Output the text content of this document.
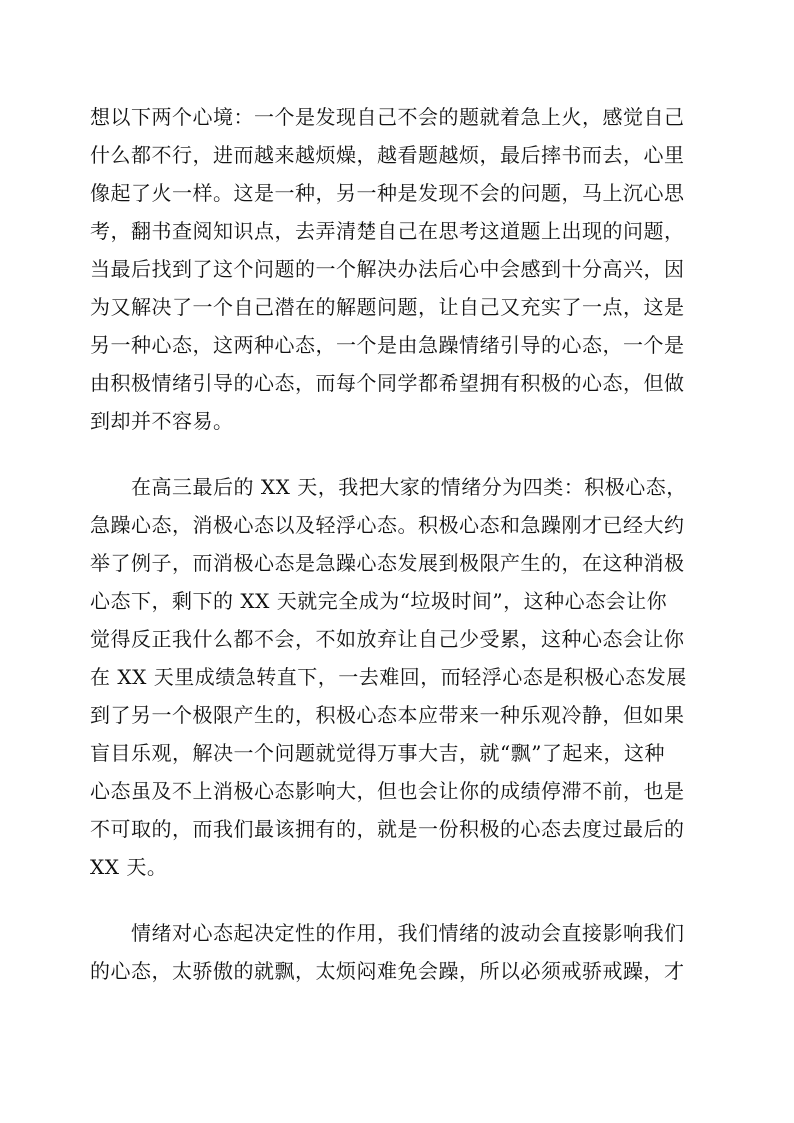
想以下两个心境：一个是发现自己不会的题就着急上火，感觉自己
什么都不行，进而越来越烦燥，越看题越烦，最后摔书而去，心里
像起了火一样。这是一种，另一种是发现不会的问题，马上沉心思
考，翻书查阅知识点，去弄清楚自己在思考这道题上出现的问题，
当最后找到了这个问题的一个解决办法后心中会感到十分高兴，因
为又解决了一个自己潜在的解题问题，让自己又充实了一点，这是
另一种心态，这两种心态，一个是由急躁情绪引导的心态，一个是
由积极情绪引导的心态，而每个同学都希望拥有积极的心态，但做
到却并不容易。
在高三最后的 XX 天，我把大家的情绪分为四类：积极心态，
急躁心态，消极心态以及轻浮心态。积极心态和急躁刚才已经大约
举了例子，而消极心态是急躁心态发展到极限产生的，在这种消极
心态下，剩下的 XX 天就完全成为“垃圾时间”，这种心态会让你
觉得反正我什么都不会，不如放弃让自己少受累，这种心态会让你
在 XX 天里成绩急转直下，一去难回，而轻浮心态是积极心态发展
到了另一个极限产生的，积极心态本应带来一种乐观冷静，但如果
盲目乐观，解决一个问题就觉得万事大吉，就“飘”了起来，这种
心态虽及不上消极心态影响大，但也会让你的成绩停滞不前，也是
不可取的，而我们最该拥有的，就是一份积极的心态去度过最后的
XX 天。
情绪对心态起决定性的作用，我们情绪的波动会直接影响我们
的心态，太骄傲的就飘，太烦闷难免会躁，所以必须戒骄戒躁，才
